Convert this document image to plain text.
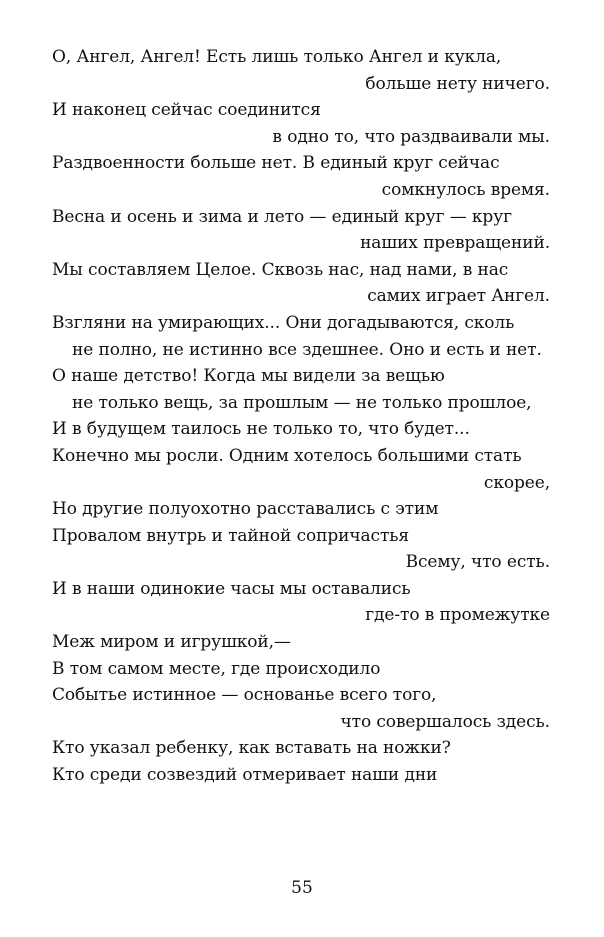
О, Ангел, Ангел! Есть лишь только Ангел и кукла,
больше нету ничего.
И наконец сейчас соединится
в одно то, что раздваивали мы.
Раздвоенности больше нет. В единый круг сейчас
сомкнулось время.
Весна и осень и зима и лето — единый круг — круг
наших превращений.
Мы составляем Целое. Сквозь нас, над нами, в нас
самих играет Ангел.
Взгляни на умирающих... Они догадываются, сколь
не полно, не истинно все здешнее. Оно и есть и нет.
О наше детство! Когда мы видели за вещью
не только вещь, за прошлым — не только прошлое,
И в будущем таилось не только то, что будет...
Конечно мы росли. Одним хотелось большими стать
скорее,
Но другие полуохотно расставались с этим
Провалом внутрь и тайной сопричастья
Всему, что есть.
И в наши одинокие часы мы оставались
где-то в промежутке
Меж миром и игрушкой,—
В том самом месте, где происходило
Событье истинное — основанье всего того,
что совершалось здесь.
Кто указал ребенку, как вставать на ножки?
Кто среди созвездий отмеривает наши дни
55
